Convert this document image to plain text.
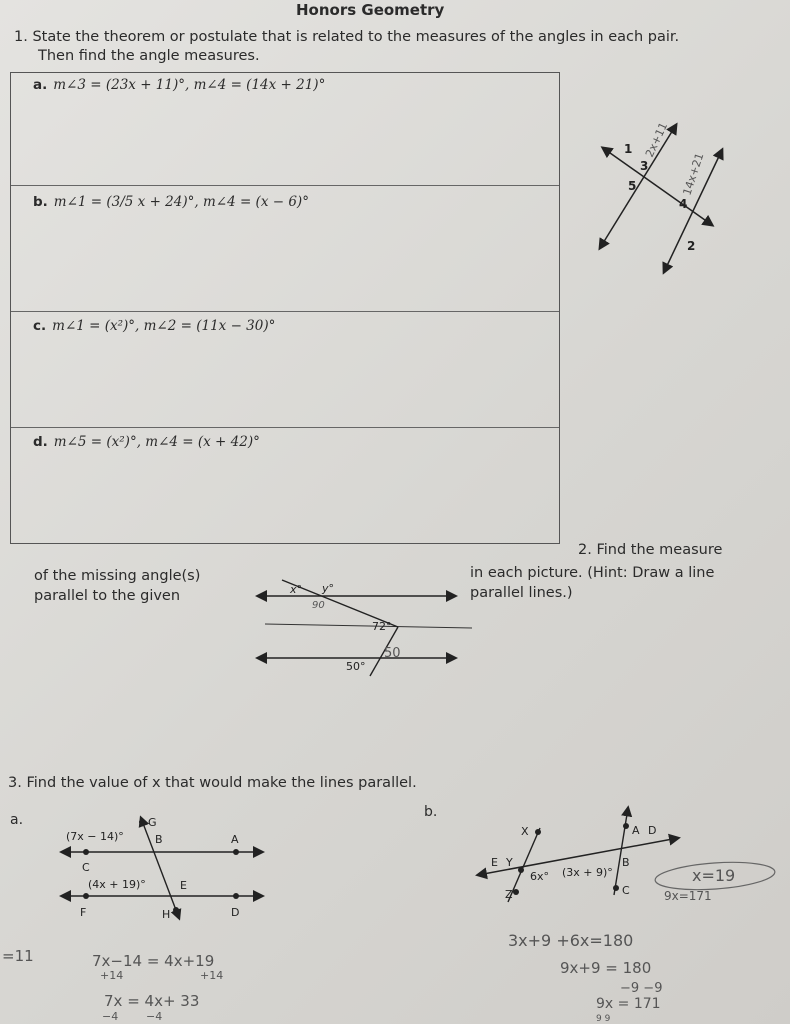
Honors Geometry
1. State the theorem or postulate that is related to the measures of the angles in each pair.
Then find the angle measures.
a. m∠3 = (23x + 11)°, m∠4 = (14x + 21)°
b. m∠1 = (3/5 x + 24)°, m∠4 = (x − 6)°
c. m∠1 = (x²)°, m∠2 = (11x − 30)°
d. m∠5 = (x²)°, m∠4 = (x + 42)°
2. Find the measure
of the missing angle(s)
parallel to the given
in each picture. (Hint: Draw a line
parallel lines.)
3. Find the value of x that would make the lines parallel.
a.	b.
1
3
5
4
2
2x+11
14x+21
x° y°
90
72°
50
50°
G
B	A
C
E
F	H	D
(7x − 14)°
(4x + 19)°
X	A D
E Y	B
Z	C
6x° (3x + 9)°
=11	7x−14 = 4x+19
+14	+14
7x = 4x+ 33
−4	−4
x=19
9x=171
3x+9 +6x=180
9x+9 = 180
−9 −9
9x = 171
9 9
